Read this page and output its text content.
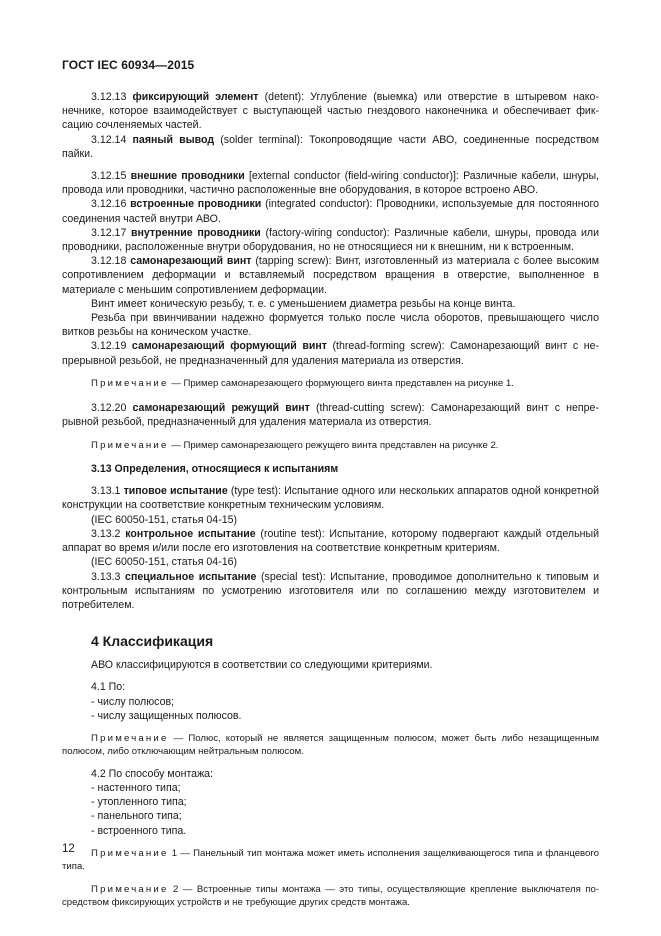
ГОСТ IEC 60934—2015

3.12.13 фиксирующий элемент (detent): Углубление (выемка) или отверстие в штыревом наконечнике, которое взаимодействует с выступающей частью гнездового наконечника и обеспечивает фиксацию сочленяемых частей.

3.12.14 паяный вывод (solder terminal): Токопроводящие части АВО, соединенные посредством пайки.

3.12.15 внешние проводники [external conductor (field-wiring conductor)]: Различные кабели, шнуры, провода или проводники, частично расположенные вне оборудования, в которое встроено АВО.

3.12.16 встроенные проводники (integrated conductor): Проводники, используемые для постоянного соединения частей внутри АВО.

3.12.17 внутренние проводники (factory-wiring conductor): Различные кабели, шнуры, провода или проводники, расположенные внутри оборудования, но не относящиеся ни к внешним, ни к встроенным.

3.12.18 самонарезающий винт (tapping screw): Винт, изготовленный из материала с более высоким сопротивлением деформации и вставляемый посредством вращения в отверстие, выполненное в материале с меньшим сопротивлением деформации.

Винт имеет коническую резьбу, т. е. с уменьшением диаметра резьбы на конце винта.

Резьба при ввинчивании надежно формуется только после числа оборотов, превышающего число витков резьбы на коническом участке.

3.12.19 самонарезающий формующий винт (thread-forming screw): Самонарезающий винт с непрерывной резьбой, не предназначенный для удаления материала из отверстия.

Примечание — Пример самонарезающего формующего винта представлен на рисунке 1.

3.12.20 самонарезающий режущий винт (thread-cutting screw): Самонарезающий винт с непрерывной резьбой, предназначенный для удаления материала из отверстия.

Примечание — Пример самонарезающего режущего винта представлен на рисунке 2.

3.13 Определения, относящиеся к испытаниям

3.13.1 типовое испытание (type test): Испытание одного или нескольких аппаратов одной конкретной конструкции на соответствие конкретным техническим условиям.

(IEC 60050-151, статья 04-15)

3.13.2 контрольное испытание (routine test): Испытание, которому подвергают каждый отдельный аппарат во время и/или после его изготовления на соответствие конкретным критериям.

(IEC 60050-151, статья 04-16)

3.13.3 специальное испытание (special test): Испытание, проводимое дополнительно к типовым и контрольным испытаниям по усмотрению изготовителя или по соглашению между изготовителем и потребителем.

4 Классификация

АВО классифицируются в соответствии со следующими критериями.

4.1 По:

- числу полюсов;
- числу защищенных полюсов.

Примечание — Полюс, который не является защищенным полюсом, может быть либо незащищенным полюсом, либо отключающим нейтральным полюсом.

4.2 По способу монтажа:

- настенного типа;
- утопленного типа;
- панельного типа;
- встроенного типа.

Примечание 1 — Панельный тип монтажа может иметь исполнения защелкивающегося типа и фланцевого типа.

Примечание 2 — Встроенные типы монтажа — это типы, осуществляющие крепление выключателя посредством фиксирующих устройств и не требующие других средств монтажа.

12
